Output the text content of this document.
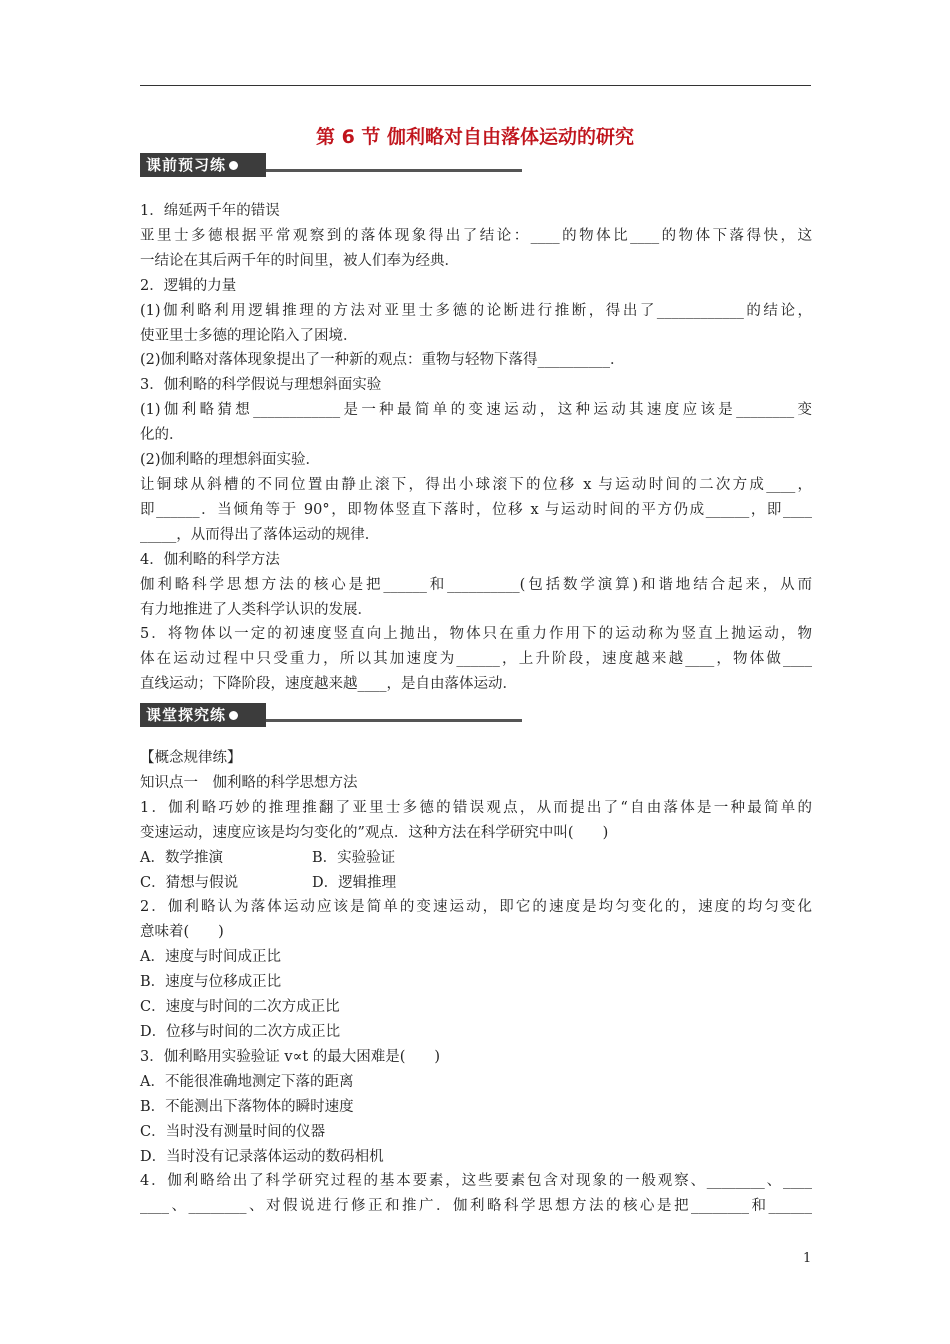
第 6 节 伽利略对自由落体运动的研究
课前预习练

1．绵延两千年的错误

亚里士多德根据平常观察到的落体现象得出了结论：____的物体比____的物体下落得快，这

一结论在其后两千年的时间里，被人们奉为经典．

2．逻辑的力量

(1)伽利略利用逻辑推理的方法对亚里士多德的论断进行推断，得出了____________的结论，

使亚里士多德的理论陷入了困境．

(2)伽利略对落体现象提出了一种新的观点：重物与轻物下落得__________．

3．伽利略的科学假说与理想斜面实验

(1)伽利略猜想____________是一种最简单的变速运动，这种运动其速度应该是________变

化的．

(2)伽利略的理想斜面实验．

让铜球从斜槽的不同位置由静止滚下，得出小球滚下的位移 x 与运动时间的二次方成____，

即______．当倾角等于 90°，即物体竖直下落时，位移 x 与运动时间的平方仍成______，即____

_____，从而得出了落体运动的规律．

4．伽利略的科学方法

伽利略科学思想方法的核心是把______和__________(包括数学演算)和谐地结合起来，从而

有力地推进了人类科学认识的发展．

5．将物体以一定的初速度竖直向上抛出，物体只在重力作用下的运动称为竖直上抛运动，物

体在运动过程中只受重力，所以其加速度为______，上升阶段，速度越来越____，物体做____

直线运动；下降阶段，速度越来越____，是自由落体运动．

课堂探究练

【概念规律练】

知识点一　伽利略的科学思想方法

1．伽利略巧妙的推理推翻了亚里士多德的错误观点，从而提出了“自由落体是一种最简单的

变速运动，速度应该是均匀变化的”观点．这种方法在科学研究中叫(　　)

A．数学推演	B．实验验证

C．猜想与假说	D．逻辑推理

2．伽利略认为落体运动应该是简单的变速运动，即它的速度是均匀变化的，速度的均匀变化

意味着(　　)

A．速度与时间成正比

B．速度与位移成正比

C．速度与时间的二次方成正比

D．位移与时间的二次方成正比

3．伽利略用实验验证 v∝t 的最大困难是(　　)

A．不能很准确地测定下落的距离

B．不能测出下落物体的瞬时速度

C．当时没有测量时间的仪器

D．当时没有记录落体运动的数码相机

4．伽利略给出了科学研究过程的基本要素，这些要素包含对现象的一般观察、________、____

____、________、对假说进行修正和推广．伽利略科学思想方法的核心是把________和______

1
